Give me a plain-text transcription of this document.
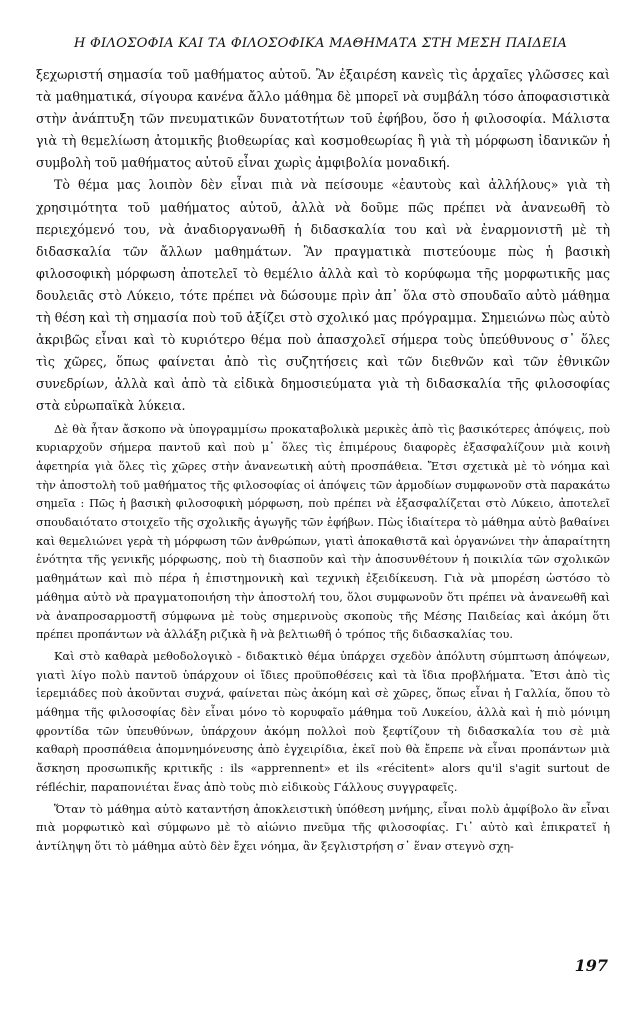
Η ΦΙΛΟΣΟΦΙΑ ΚΑΙ ΤΑ ΦΙΛΟΣΟΦΙΚΑ ΜΑΘΗΜΑΤΑ ΣΤΗ ΜΕΣΗ ΠΑΙΔΕΙΑ

ξεχωριστή σημασία τοῦ μαθήματος αὐτοῦ. Ἂν ἐξαιρέση κανεὶς τὶς ἀρχαῖες γλῶσσες καὶ τὰ μαθηματικά, σίγουρα κανένα ἄλλο μάθημα δὲ μπορεῖ νὰ συμβάλη τόσο ἀποφασιστικὰ στὴν ἀνάπτυξη τῶν πνευματικῶν δυνατοτήτων τοῦ ἐφήβου, ὅσο ἡ φιλοσοφία. Μάλιστα γιὰ τὴ θεμελίωση ἀτομικῆς βιοθεωρίας καὶ κοσμοθεωρίας ἢ γιὰ τὴ μόρφωση ἰδανικῶν ἡ συμβολὴ τοῦ μαθήματος αὐτοῦ εἶναι χωρὶς ἀμφιβολία μοναδική.

Τὸ θέμα μας λοιπὸν δὲν εἶναι πιὰ νὰ πείσουμε «ἑαυτοὺς καὶ ἀλλήλους» γιὰ τὴ χρησιμότητα τοῦ μαθήματος αὐτοῦ, ἀλλὰ νὰ δοῦμε πῶς πρέπει νὰ ἀνανεωθῆ τὸ περιεχόμενό του, νὰ ἀναδιοργανωθῆ ἡ διδασκαλία του καὶ νὰ ἐναρμονιστῆ μὲ τὴ διδασκαλία τῶν ἄλλων μαθημάτων. Ἂν πραγματικὰ πιστεύουμε πὼς ἡ βασικὴ φιλοσοφικὴ μόρφωση ἀποτελεῖ τὸ θεμέλιο ἀλλὰ καὶ τὸ κορύφωμα τῆς μορφωτικῆς μας δουλειᾶς στὸ Λύκειο, τότε πρέπει νὰ δώσουμε πρὶν ἀπ᾿ ὅλα στὸ σπουδαῖο αὐτὸ μάθημα τὴ θέση καὶ τὴ σημασία ποὺ τοῦ ἀξίζει στὸ σχολικό μας πρόγραμμα. Σημειώνω πὼς αὐτὸ ἀκριβῶς εἶναι καὶ τὸ κυριότερο θέμα ποὺ ἀπασχολεῖ σήμερα τοὺς ὑπεύθυνους σ᾿ ὅλες τὶς χῶρες, ὅπως φαίνεται ἀπὸ τὶς συζητήσεις καὶ τῶν διεθνῶν καὶ τῶν ἐθνικῶν συνεδρίων, ἀλλὰ καὶ ἀπὸ τὰ εἰδικὰ δημοσιεύματα γιὰ τὴ διδασκαλία τῆς φιλοσοφίας στὰ εὐρωπαϊκὰ λύκεια.

Δὲ θὰ ἦταν ἄσκοπο νὰ ὑπογραμμίσω προκαταβολικὰ μερικὲς ἀπὸ τὶς βασικότερες ἀπόψεις, ποὺ κυριαρχοῦν σήμερα παντοῦ καὶ ποὺ μ᾿ ὅλες τὶς ἐπιμέρους διαφορὲς ἐξασφαλίζουν μιὰ κοινὴ ἀφετηρία γιὰ ὅλες τὶς χῶρες στὴν ἀνανεωτικὴ αὐτὴ προσπάθεια. Ἔτσι σχετικὰ μὲ τὸ νόημα καὶ τὴν ἀποστολὴ τοῦ μαθήματος τῆς φιλοσοφίας οἱ ἀπόψεις τῶν ἁρμοδίων συμφωνοῦν στὰ παρακάτω σημεῖα : Πῶς ἡ βασικὴ φιλοσοφικὴ μόρφωση, ποὺ πρέπει νὰ ἐξασφαλίζεται στὸ Λύκειο, ἀποτελεῖ σπουδαιότατο στοιχεῖο τῆς σχολικῆς ἀγωγῆς τῶν ἐφήβων. Πὼς ἰδιαίτερα τὸ μάθημα αὐτὸ βαθαίνει καὶ θεμελιώνει γερὰ τὴ μόρφωση τῶν ἀνθρώπων, γιατὶ ἀποκαθιστᾶ καὶ ὀργανώνει τὴν ἀπαραίτητη ἑνότητα τῆς γενικῆς μόρφωσης, ποὺ τὴ διασποῦν καὶ τὴν ἀποσυνθέτουν ἡ ποικιλία τῶν σχολικῶν μαθημάτων καὶ πιὸ πέρα ἡ ἐπιστημονικὴ καὶ τεχνικὴ ἐξειδίκευση. Γιὰ νὰ μπορέση ὡστόσο τὸ μάθημα αὐτὸ νὰ πραγματοποιήση τὴν ἀποστολή του, ὅλοι συμφωνοῦν ὅτι πρέπει νὰ ἀνανεωθῆ καὶ νὰ ἀναπροσαρμοστῆ σύμφωνα μὲ τοὺς σημερινοὺς σκοποὺς τῆς Μέσης Παιδείας καὶ ἀκόμη ὅτι πρέπει προπάντων νὰ ἀλλάξη ριζικὰ ἢ νὰ βελτιωθῆ ὁ τρόπος τῆς διδασκαλίας του.

Καὶ στὸ καθαρὰ μεθοδολογικὸ - διδακτικὸ θέμα ὑπάρχει σχεδὸν ἀπόλυτη σύμπτωση ἀπόψεων, γιατὶ λίγο πολὺ παντοῦ ὑπάρχουν οἱ ἴδιες προϋποθέσεις καὶ τὰ ἴδια προβλήματα. Ἔτσι ἀπὸ τὶς ἱερεμιάδες ποὺ ἀκοῦνται συχνά, φαίνεται πὼς ἀκόμη καὶ σὲ χῶρες, ὅπως εἶναι ἡ Γαλλία, ὅπου τὸ μάθημα τῆς φιλοσοφίας δὲν εἶναι μόνο τὸ κορυφαῖο μάθημα τοῦ Λυκείου, ἀλλὰ καὶ ἡ πιὸ μόνιμη φροντίδα τῶν ὑπευθύνων, ὑπάρχουν ἀκόμη πολλοὶ ποὺ ξεφτίζουν τὴ διδασκαλία του σὲ μιὰ καθαρὴ προσπάθεια ἀπομνημόνευσης ἀπὸ ἐγχειρίδια, ἐκεῖ ποὺ θὰ ἔπρεπε νὰ εἶναι προπάντων μιὰ ἄσκηση προσωπικῆς κριτικῆς : ils «apprennent» et ils «récitent» alors qu'il s'agit surtout de réfléchir, παραπονιέται ἕνας ἀπὸ τοὺς πιὸ εἰδικοὺς Γάλλους συγγραφεῖς.

Ὅταν τὸ μάθημα αὐτὸ καταντήση ἀποκλειστικὴ ὑπόθεση μνήμης, εἶναι πολὺ ἀμφίβολο ἂν εἶναι πιὰ μορφωτικὸ καὶ σύμφωνο μὲ τὸ αἰώνιο πνεῦμα τῆς φιλοσοφίας. Γι᾿ αὐτὸ καὶ ἐπικρατεῖ ἡ ἀντίληψη ὅτι τὸ μάθημα αὐτὸ δὲν ἔχει νόημα, ἂν ξεγλιστρήση σ᾿ ἕναν στεγνὸ σχη-

197
